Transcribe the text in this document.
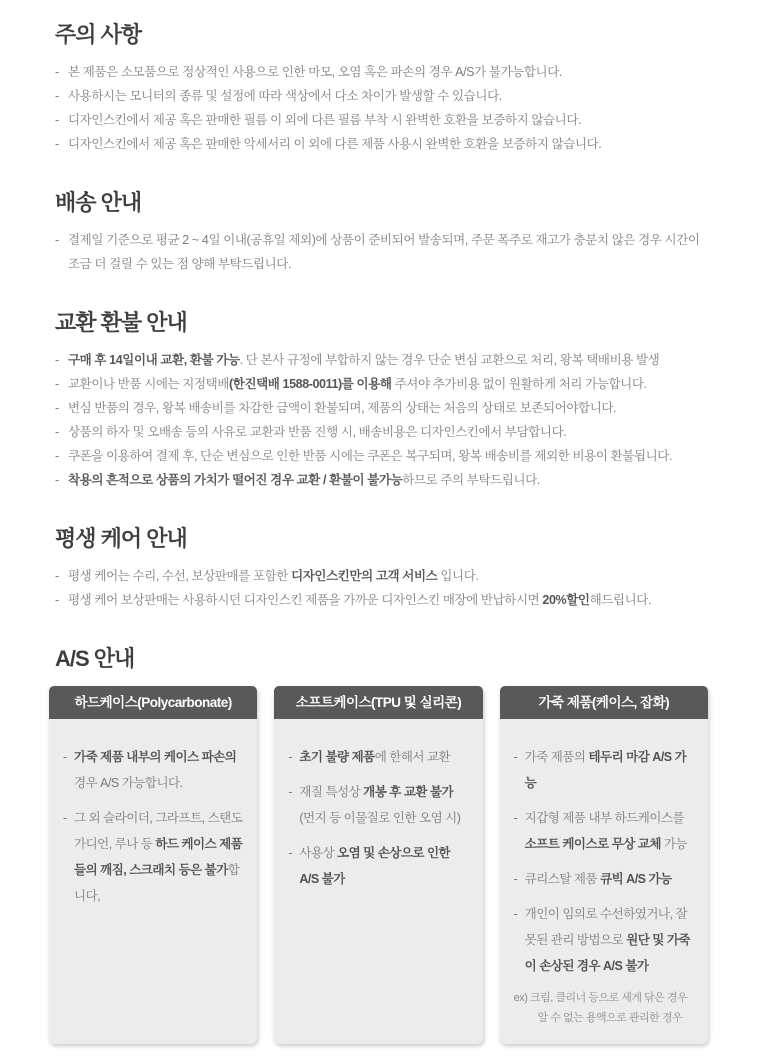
주의 사항
- 본 제품은 소모품으로 정상적인 사용으로 인한 마모, 오염 혹은 파손의 경우 A/S가 불가능합니다.
- 사용하시는 모니터의 종류 및 설정에 따라 색상에서 다소 차이가 발생할 수 있습니다.
- 디자인스킨에서 제공 혹은 판매한 필름 이 외에 다른 필름 부착 시 완벽한 호환을 보증하지 않습니다.
- 디자인스킨에서 제공 혹은 판매한 악세서리 이 외에 다른 제품 사용시 완벽한 호환을 보증하지 않습니다.
배송 안내
- 결제일 기준으로 평균 2 ~ 4일 이내(공휴일 제외)에 상품이 준비되어 발송되며, 주문 폭주로 재고가 충분치 않은 경우 시간이 조금 더 걸릴 수 있는 점 양해 부탁드립니다.
교환 환불 안내
- 구매 후 14일이내 교환, 환불 가능. 단 본사 규정에 부합하지 않는 경우 단순 변심 교환으로 처리, 왕복 택배비용 발생
- 교환이나 반품 시에는 지정택배(한진택배 1588-0011)를 이용해 주셔야 추가비용 없이 원활하게 처리 가능합니다.
- 변심 반품의 경우, 왕복 배송비를 차감한 금액이 환불되며, 제품의 상태는 처음의 상태로 보존되어야합니다.
- 상품의 하자 및 오배송 등의 사유로 교환과 반품 진행 시, 배송비용은 디자인스킨에서 부담합니다.
- 쿠폰을 이용하여 결제 후, 단순 변심으로 인한 반품 시에는 쿠폰은 복구되며, 왕복 배송비를 제외한 비용이 환불됩니다.
- 착용의 흔적으로 상품의 가치가 떨어진 경우 교환 / 환불이 불가능하므로 주의 부탁드립니다.
평생 케어 안내
- 평생 케어는 수리, 수선, 보상판매를 포함한 디자인스킨만의 고객 서비스 입니다.
- 평생 케어 보상판매는 사용하시던 디자인스킨 제품을 가까운 디자인스킨 매장에 반납하시면 20%할인해드립니다.
A/S 안내
하드케이스(Polycarbonate)
- 가죽 제품 내부의 케이스 파손의 경우 A/S 가능합니다.
- 그 외 슬라이더, 그라프트, 스탠도 가디언, 루나 등 하드 케이스 제품들의 깨짐, 스크래치 등은 불가합니다,
소프트케이스(TPU 및 실리콘)
- 초기 불량 제품에 한해서 교환
- 재질 특성상 개봉 후 교환 불가
(먼지 등 이물질로 인한 오염 시)
- 사용상 오염 및 손상으로 인한 A/S 불가
가죽 제품(케이스, 잡화)
- 가죽 제품의 테두리 마감 A/S 가능
- 지갑형 제품 내부 하드케이스를 소프트 케이스로 무상 교체 가능
- 큐리스탈 제품 큐빅 A/S 가능
- 개인이 임의로 수선하였거나, 잘못된 관리 방법으로 원단 및 가죽이 손상된 경우 A/S 불가
ex) 크림, 클리너 등으로 세게 닦은 경우
알 수 없는 용액으로 관리한 경우
